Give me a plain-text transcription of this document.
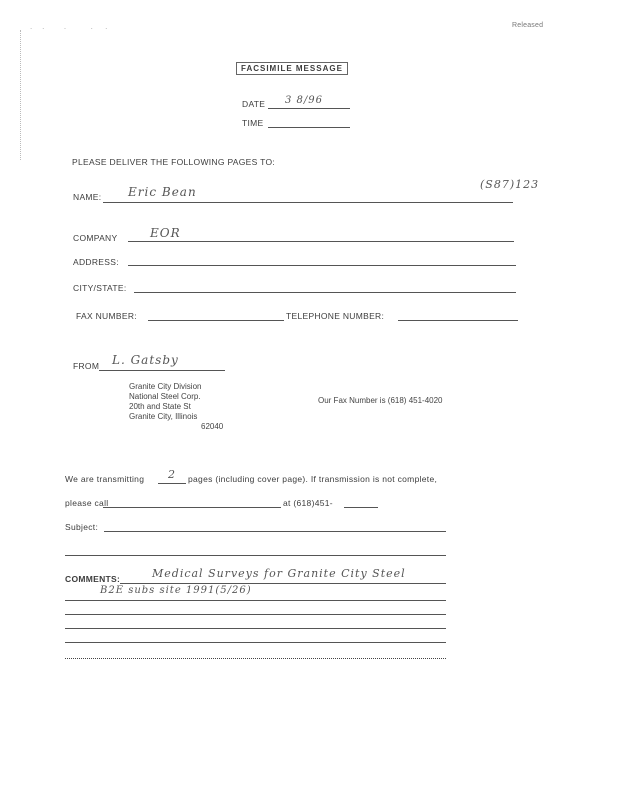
.    .        .          .     .	Released
FACSIMILE MESSAGE
DATE 3 8/96
TIME
PLEASE DELIVER THE FOLLOWING PAGES TO:
(S87)123
NAME: Eric Bean
COMPANY	EOR
ADDRESS:
CITY/STATE:
FAX NUMBER:	TELEPHONE NUMBER:
FROM L. Gatsby
Granite City Division
National Steel Corp.
20th and State St
Granite City, Illinois
62040
Our Fax Number is (618) 451-4020
We are transmitting 2 pages (including cover page). If transmission is not complete,
please call	at (618)451-
Subject:
COMMENTS:	Medical Surveys for Granite City Steel
B2E subs site 1991(5/26)
